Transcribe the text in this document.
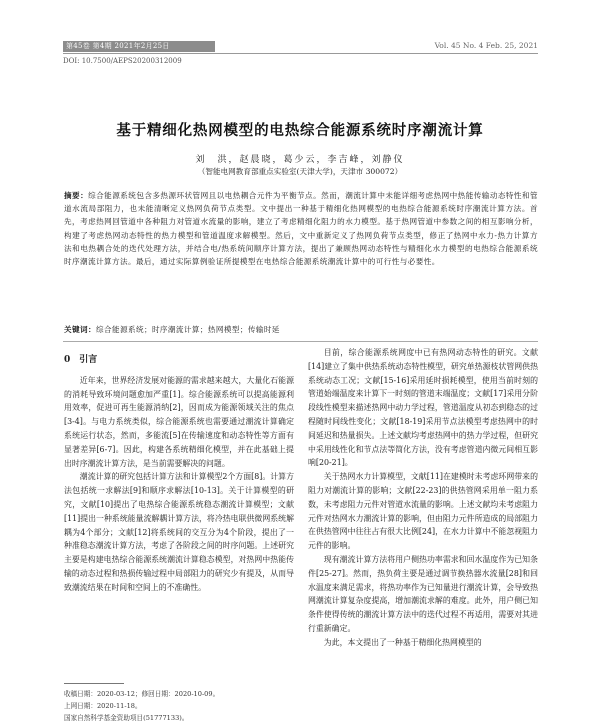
第45卷 第4期 2021年2月25日	Vol. 45 No. 4 Feb. 25, 2021
DOI: 10.7500/AEPS20200312009
基于精细化热网模型的电热综合能源系统时序潮流计算
刘　洪，赵晨晓，葛少云，李吉峰，刘静仪
（智能电网教育部重点实验室(天津大学)，天津市 300072）
摘要：综合能源系统包含多热源环状管网且以电热耦合元件为平衡节点。然而，潮流计算中未能详细考虑热网中热能传输动态特性和管道水流局部阻力，也未能清晰定义热网负荷节点类型。文中提出一种基于精细化热网模型的电热综合能源系统时序潮流计算方法。首先，考虑热网回管道中各种阻力对管道水流量的影响，建立了考虑精细化阻力的水力模型。基于热网管道中参数之间的相互影响分析，构建了考虑热网动态特性的热力模型和管道温度求解模型。然后，文中重新定义了热网负荷节点类型，修正了热网中水力-热力计算方法和电热耦合处的迭代处理方法，并结合电/热系统间顺序计算方法，提出了兼顾热网动态特性与精细化水力模型的电热综合能源系统时序潮流计算方法。最后，通过实际算例验证所提模型在电热综合能源系统潮流计算中的可行性与必要性。
关键词：综合能源系统；时序潮流计算；热网模型；传输时延

0　引言

近年来，世界经济发展对能源的需求越来越大，大量化石能源的消耗导致环境问题愈加严重[1]。综合能源系统可以提高能源利用效率，促进可再生能源消纳[2]，因而成为能源领域关注的焦点[3-4]。与电力系统类似，综合能源系统也需要通过潮流计算确定系统运行状态，然而，多能流[5]在传输速度和动态特性等方面有显著差异[6-7]。因此，构建各系统精细化模型，并在此基础上提出时序潮流计算方法，是当前需要解决的问题。

潮流计算的研究包括计算方法和计算模型2个方面[8]。计算方法包括统一求解法[9]和顺序求解法[10-13]。关于计算模型的研究，文献[10]提出了电热综合能源系统稳态潮流计算模型；文献[11]提出一种系统能量流解耦计算方法，将冷热电联供微网系统解耦为4个部分；文献[12]将系统间的交互分为4个阶段，提出了一种准稳态潮流计算方法，考虑了各阶段之间的时序问题。上述研究主要是构建电热综合能源系统潮流计算稳态模型，对热网中热能传输的动态过程和热损传输过程中局部阻力的研究少有提及，从而导致潮流结果在时间和空间上的不准确性。

目前，综合能源系统网度中已有热网动态特性的研究。文献[14]建立了集中供热系统动态特性模型，研究单热源枝状管网供热系统动态工况；文献[15-16]采用延时损耗模型，使用当前时刻的管道始端温度来计算下一时刻的管道末端温度；文献[17]采用分阶段线性模型来描述热网中动力学过程，管道温度从初态到稳态的过程随时间线性变化；文献[18-19]采用节点法模型考虑热网中的时间延迟和热量损失。上述文献均考虑热网中的热力学过程，但研究中采用线性化和节点法等简化方法，没有考虑管道内微元间相互影响[20-21]。

关于热网水力计算模型，文献[11]在建模时未考虑环网带来的阻力对潮流计算的影响；文献[22-23]的供热管网采用单一阻力系数，未考虑阻力元件对管道水流量的影响。上述文献均未考虑阻力元件对热网水力潮流计算的影响，但由阻力元件所造成的局部阻力在供热管网中往往占有很大比例[24]，在水力计算中不能忽视阻力元件的影响。

现有潮流计算方法将用户侧热功率需求和回水温度作为已知条件[25-27]。然而，热负荷主要是通过调节换热器水流量[28]和回水温度来满足需求，将热功率作为已知量进行潮流计算，会导致热网潮流计算复杂度提高，增加潮流求解的难度。此外，用户侧已知条件使得传统的潮流计算方法中的迭代过程不再适用，需要对其进行重新确定。

为此，本文提出了一种基于精细化热网模型的

收稿日期：2020-03-12；修回日期：2020-10-09。
上网日期：2020-11-18。
国家自然科学基金资助项目(51777133)。
